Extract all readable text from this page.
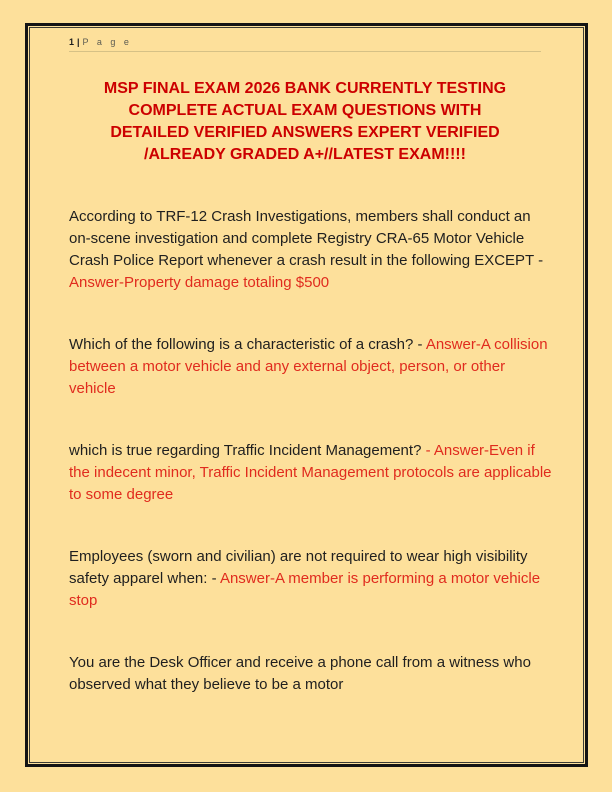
1 | P a g e
MSP FINAL EXAM 2026 BANK CURRENTLY TESTING
COMPLETE ACTUAL EXAM QUESTIONS WITH
DETAILED VERIFIED ANSWERS EXPERT VERIFIED
/ALREADY GRADED A+//LATEST EXAM!!!!

According to TRF-12 Crash Investigations, members shall conduct an on-scene investigation and complete Registry CRA-65 Motor Vehicle Crash Police Report whenever a crash result in the following EXCEPT - Answer-Property damage totaling $500

Which of the following is a characteristic of a crash? - Answer-A collision between a motor vehicle and any external object, person, or other vehicle

which is true regarding Traffic Incident Management? - Answer-Even if the indecent minor, Traffic Incident Management protocols are applicable to some degree

Employees (sworn and civilian) are not required to wear high visibility safety apparel when: - Answer-A member is performing a motor vehicle stop

You are the Desk Officer and receive a phone call from a witness who observed what they believe to be a motor
